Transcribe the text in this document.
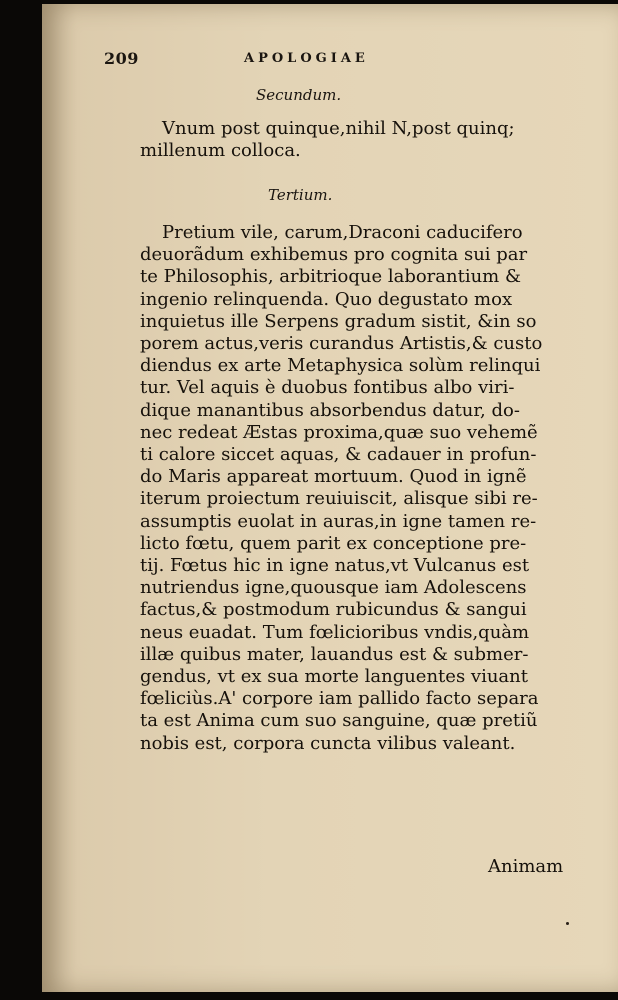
209	APOLOGIAE
Secundum.
Vnum post quinque,nihil N,post quinq;
millenum colloca.
Tertium.
Pretium vile, carum,Draconi caducifero
deuorãdum exhibemus pro cognita sui par
te Philosophis, arbitrioque laborantium &
ingenio relinquenda. Quo degustato mox
inquietus ille Serpens gradum sistit, &in so
porem actus,veris curandus Artistis,& custo
diendus ex arte Metaphysica solùm relinqui
tur. Vel aquis è duobus fontibus albo viri-
dique manantibus absorbendus datur, do-
nec redeat Æstas proxima,quæ suo vehemẽ
ti calore siccet aquas, & cadauer in profun-
do Maris appareat mortuum. Quod in ignẽ
iterum proiectum reuiuiscit, alisque sibi re-
assumptis euolat in auras,in igne tamen re-
licto fœtu, quem parit ex conceptione pre-
tij. Fœtus hic in igne natus,vt Vulcanus est
nutriendus igne,quousque iam Adolescens
factus,& postmodum rubicundus & sangui
neus euadat. Tum fœlicioribus vndis,quàm
illæ quibus mater, lauandus est & submer-
gendus, vt ex sua morte languentes viuant
fœliciùs.A' corpore iam pallido facto separa
ta est Anima cum suo sanguine, quæ pretiũ
nobis est, corpora cuncta vilibus valeant.
Animam
